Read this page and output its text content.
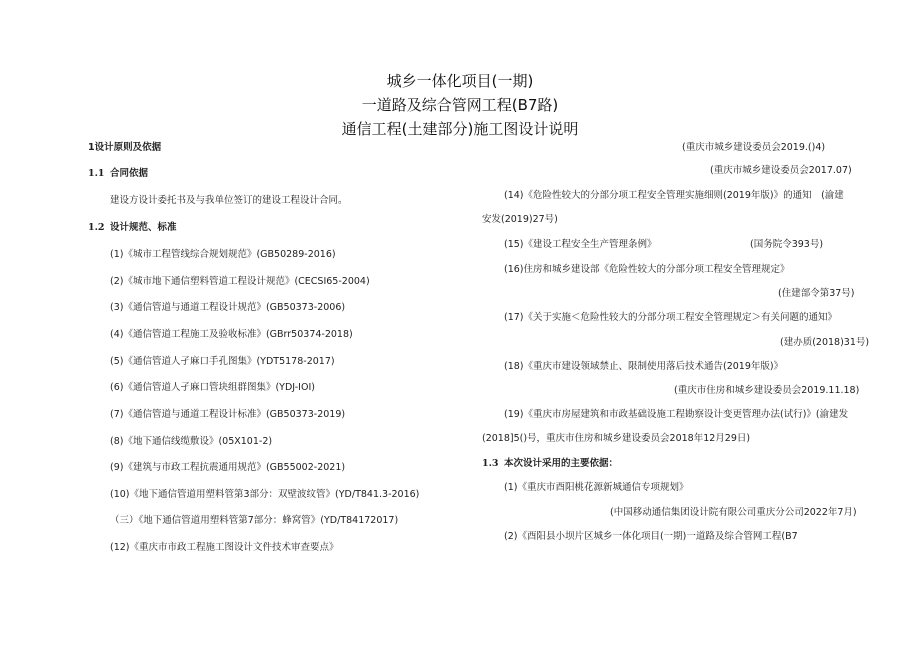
城乡一体化项目(一期)
一道路及综合管网工程(B7路)
通信工程(土建部分)施工图设计说明
1设计原则及依据
1.1 合同依据
建设方设计委托书及与我单位签订的建设工程设计合同。
1.2 设计规范、标准
(1)《城市工程管线综合规划规范》(GB50289-2016)
(2)《城市地下通信塑料管道工程设计规范》(CECSI65-2004)
(3)《通信管道与通道工程设计规范》(GB50373-2006)
(4)《通信管道工程施工及验收标准》(GBrr50374-2018)
(5)《通信管道人孑麻口手孔图集》(YDT5178-2017)
(6)《通信管道人孑麻口管块组群图集》(YDJ-IOI)
(7)《通信管道与通道工程设计标准》(GB50373-2019)
(8)《地下通信线缆敷设》(05X101-2)
(9)《建筑与市政工程抗震通用规范》(GB55002-2021)
(10)《地下通信管道用塑料管第3部分：双壁波纹管》(YD/T841.3-2016)
（三）《地下通信管道用塑料管第7部分：蜂窝管》(YD/T84172017)
(12)《重庆市市政工程施工图设计文件技术审查要点》
(重庆市城乡建设委员会2019.()4)
(重庆市城乡建设委员会2017.07)
(14)《危险性较大的分部分项工程安全管理实施细则(2019年版)》的通知　(渝建
安发(2019)27号)
(15)《建设工程安全生产管理条例》	(国务院令393号)
(16)住房和城乡建设部《危险性较大的分部分项工程安全管理规定》
(住建部令第37号)
(17)《关于实施＜危险性较大的分部分项工程安全管理规定＞有关问题的通知》
(建办质(2018)31号)
(18)《重庆市建设领域禁止、限制使用落后技术通告(2019年版)》
(重庆市住房和城乡建设委员会2019.11.18)
(19)《重庆市房屋建筑和市政基础设施工程勘察设计变更管理办法(试行)》(渝建发
(2018]5()号，重庆市住房和城乡建设委员会2018年12月29日)
1.3 本次设计采用的主要依据：
(1)《重庆市酉阳桃花源新城通信专项规划》
(中国移动通信集团设计院有限公司重庆分公司2022年7月)
(2)《酉阳县小坝片区城乡一体化项目(一期)一道路及综合管网工程(B7
